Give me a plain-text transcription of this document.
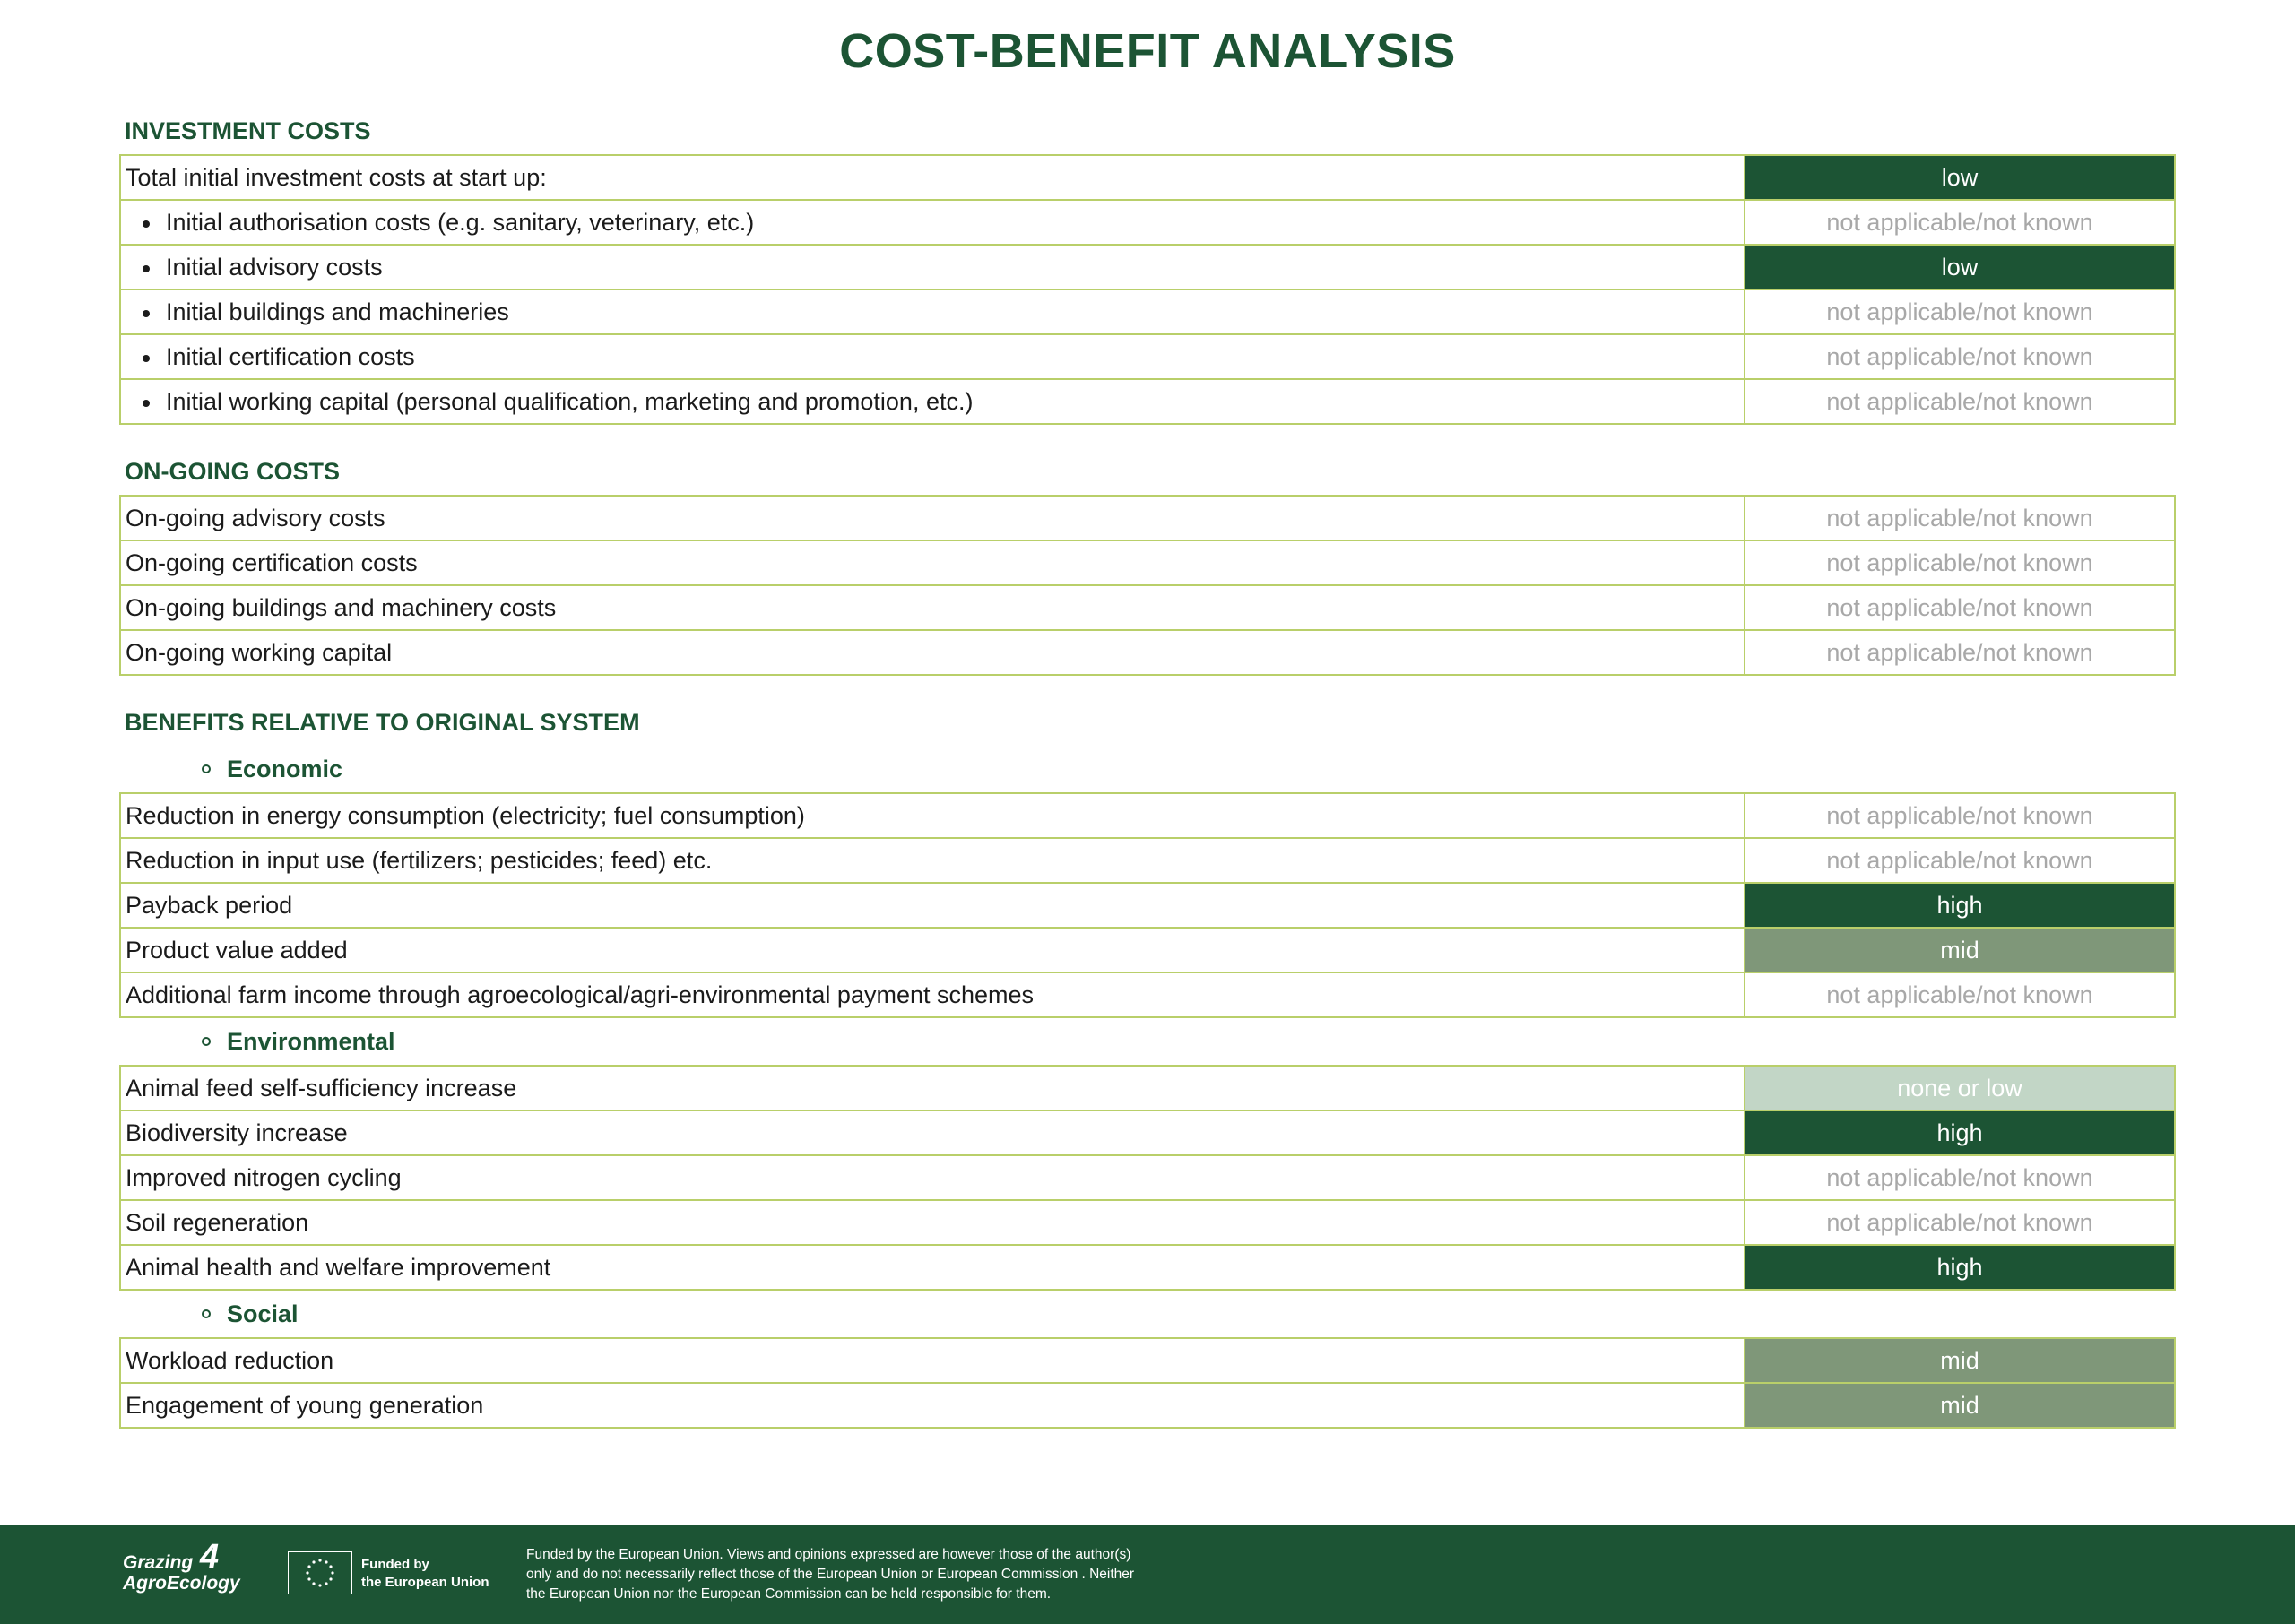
COST-BENEFIT ANALYSIS
INVESTMENT COSTS
Total initial investment costs at start up:	low
Initial authorisation costs (e.g. sanitary, veterinary, etc.)	not applicable/not known
Initial advisory costs	low
Initial buildings and machineries	not applicable/not known
Initial certification costs	not applicable/not known
Initial working capital (personal qualification, marketing and promotion, etc.)	not applicable/not known
ON-GOING COSTS
On-going advisory costs	not applicable/not known
On-going certification costs	not applicable/not known
On-going buildings and machinery costs	not applicable/not known
On-going working capital	not applicable/not known
BENEFITS RELATIVE TO ORIGINAL SYSTEM
Economic
Reduction in energy consumption (electricity; fuel consumption)	not applicable/not known
Reduction in input use (fertilizers; pesticides; feed) etc.	not applicable/not known
Payback period	high
Product value added	mid
Additional farm income through agroecological/agri-environmental payment schemes	not applicable/not known
Environmental
Animal feed self-sufficiency increase	none or low
Biodiversity increase	high
Improved nitrogen cycling	not applicable/not known
Soil regeneration	not applicable/not known
Animal health and welfare improvement	high
Social
Workload reduction	mid
Engagement of young generation	mid
Grazing
AgroEcology
4	Funded by
the European Union
Funded by the European Union. Views and opinions expressed are however those of the author(s)
only and do not necessarily reflect those of the European Union or European Commission . Neither
the European Union nor the European Commission can be held responsible for them.
